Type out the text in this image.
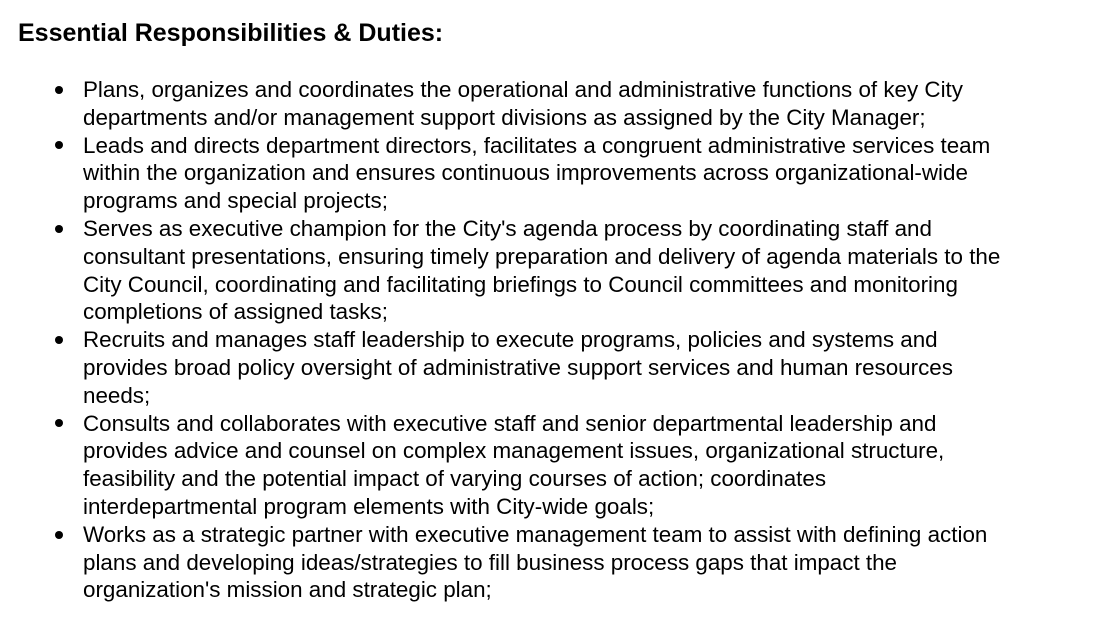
Essential Responsibilities & Duties:
Plans, organizes and coordinates the operational and administrative functions of key City
departments and/or management support divisions as assigned by the City Manager;
Leads and directs department directors, facilitates a congruent administrative services team
within the organization and ensures continuous improvements across organizational-wide
programs and special projects;
Serves as executive champion for the City's agenda process by coordinating staff and
consultant presentations, ensuring timely preparation and delivery of agenda materials to the
City Council, coordinating and facilitating briefings to Council committees and monitoring
completions of assigned tasks;
Recruits and manages staff leadership to execute programs, policies and systems and
provides broad policy oversight of administrative support services and human resources
needs;
Consults and collaborates with executive staff and senior departmental leadership and
provides advice and counsel on complex management issues, organizational structure,
feasibility and the potential impact of varying courses of action; coordinates
interdepartmental program elements with City-wide goals;
Works as a strategic partner with executive management team to assist with defining action
plans and developing ideas/strategies to fill business process gaps that impact the
organization's mission and strategic plan;
